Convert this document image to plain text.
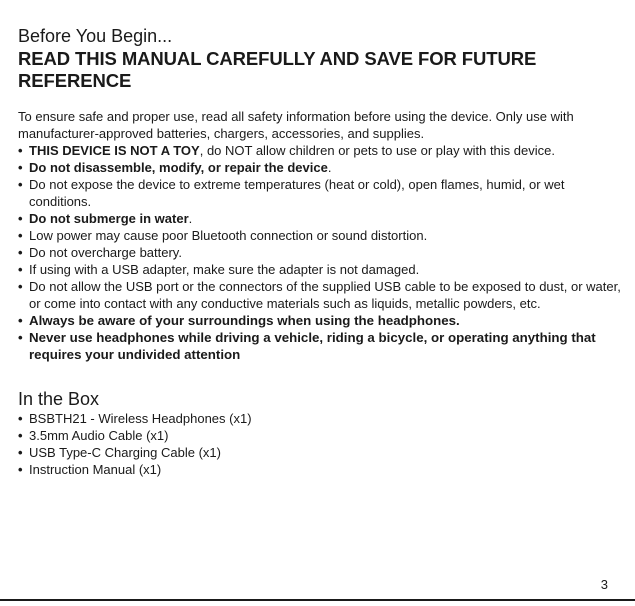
Before You Begin...
READ THIS MANUAL CAREFULLY AND SAVE FOR FUTURE REFERENCE

To ensure safe and proper use, read all safety information before using the device. Only use with manufacturer-approved batteries, chargers, accessories, and supplies.

• THIS DEVICE IS NOT A TOY, do NOT allow children or pets to use or play with this device.
• Do not disassemble, modify, or repair the device.
• Do not expose the device to extreme temperatures (heat or cold), open flames, humid, or wet conditions.
• Do not submerge in water.
• Low power may cause poor Bluetooth connection or sound distortion.
• Do not overcharge battery.
• If using with a USB adapter, make sure the adapter is not damaged.
• Do not allow the USB port or the connectors of the supplied USB cable to be exposed to dust, or water, or come into contact with any conductive materials such as liquids, metallic powders, etc.
• Always be aware of your surroundings when using the headphones.
• Never use headphones while driving a vehicle, riding a bicycle, or operating anything that requires your undivided attention
In the Box
• BSBTH21 - Wireless Headphones (x1)
• 3.5mm Audio Cable (x1)
• USB Type-C Charging Cable (x1)
• Instruction Manual (x1)
3
